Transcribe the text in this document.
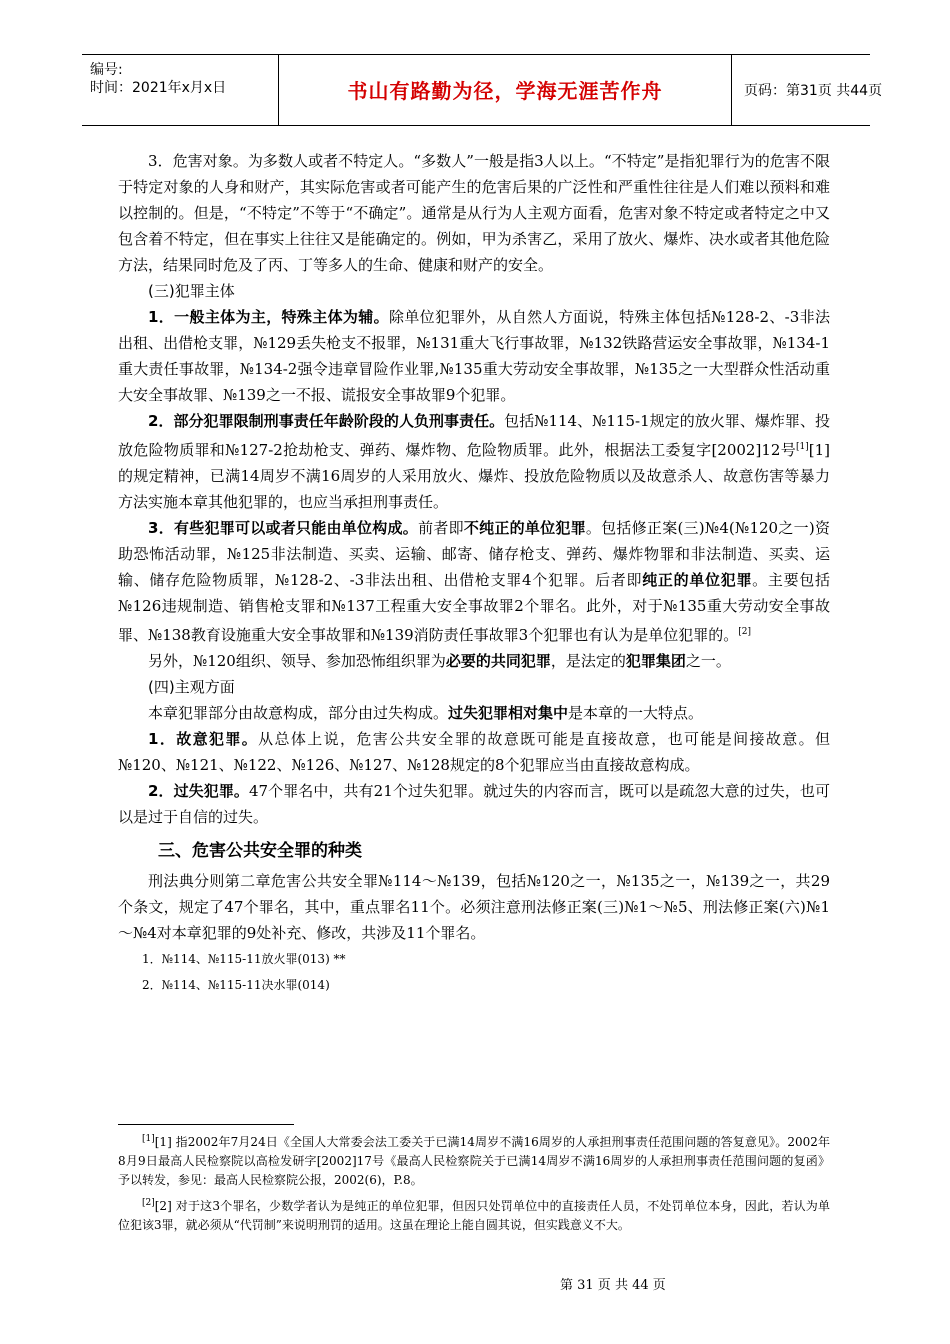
编号:
时间：2021年x月x日	书山有路勤为径，学海无涯苦作舟	页码：第31页 共44页

3．危害对象。为多数人或者不特定人。“多数人”一般是指3人以上。“不特定”是指犯罪行为的危害不限于特定对象的人身和财产，其实际危害或者可能产生的危害后果的广泛性和严重性往往是人们难以预料和难以控制的。但是，“不特定”不等于“不确定”。通常是从行为人主观方面看，危害对象不特定或者特定之中又包含着不特定，但在事实上往往又是能确定的。例如，甲为杀害乙，采用了放火、爆炸、决水或者其他危险方法，结果同时危及了丙、丁等多人的生命、健康和财产的安全。

(三)犯罪主体

1．一般主体为主，特殊主体为辅。除单位犯罪外，从自然人方面说，特殊主体包括№128-2、-3非法出租、出借枪支罪，№129丢失枪支不报罪，№131重大飞行事故罪，№132铁路营运安全事故罪，№134-1重大责任事故罪，№134-2强令违章冒险作业罪,№135重大劳动安全事故罪，№135之一大型群众性活动重大安全事故罪、№139之一不报、谎报安全事故罪9个犯罪。

2．部分犯罪限制刑事责任年龄阶段的人负刑事责任。包括№114、№115-1规定的放火罪、爆炸罪、投放危险物质罪和№127-2抢劫枪支、弹药、爆炸物、危险物质罪。此外，根据法工委复字[2002]12号[1][1]的规定精神，已满14周岁不满16周岁的人采用放火、爆炸、投放危险物质以及故意杀人、故意伤害等暴力方法实施本章其他犯罪的，也应当承担刑事责任。

3．有些犯罪可以或者只能由单位构成。前者即不纯正的单位犯罪。包括修正案(三)№4(№120之一)资助恐怖活动罪，№125非法制造、买卖、运输、邮寄、储存枪支、弹药、爆炸物罪和非法制造、买卖、运输、储存危险物质罪，№128-2、-3非法出租、出借枪支罪4个犯罪。后者即纯正的单位犯罪。主要包括№126违规制造、销售枪支罪和№137工程重大安全事故罪2个罪名。此外，对于№135重大劳动安全事故罪、№138教育设施重大安全事故罪和№139消防责任事故罪3个犯罪也有认为是单位犯罪的。[2]

另外，№120组织、领导、参加恐怖组织罪为必要的共同犯罪，是法定的犯罪集团之一。

(四)主观方面

本章犯罪部分由故意构成，部分由过失构成。过失犯罪相对集中是本章的一大特点。

1．故意犯罪。从总体上说，危害公共安全罪的故意既可能是直接故意，也可能是间接故意。但№120、№121、№122、№126、№127、№128规定的8个犯罪应当由直接故意构成。

2．过失犯罪。47个罪名中，共有21个过失犯罪。就过失的内容而言，既可以是疏忽大意的过失，也可以是过于自信的过失。

三、危害公共安全罪的种类

刑法典分则第二章危害公共安全罪№114～№139，包括№120之一，№135之一，№139之一，共29个条文，规定了47个罪名，其中，重点罪名11个。必须注意刑法修正案(三)№1～№5、刑法修正案(六)№1～№4对本章犯罪的9处补充、修改，共涉及11个罪名。

1．№114、№115-11放火罪(013) **

2．№114、№115-11决水罪(014)

[1][1] 指2002年7月24日《全国人大常委会法工委关于已满14周岁不满16周岁的人承担刑事责任范围问题的答复意见》。2002年8月9日最高人民检察院以高检发研字[2002]17号《最高人民检察院关于已满14周岁不满16周岁的人承担刑事责任范围问题的复函》予以转发，参见：最高人民检察院公报，2002(6)，P.8。

[2][2] 对于这3个罪名，少数学者认为是纯正的单位犯罪，但因只处罚单位中的直接责任人员，不处罚单位本身，因此，若认为单位犯该3罪，就必须从“代罚制”来说明刑罚的适用。这虽在理论上能自圆其说，但实践意义不大。

第 31 页 共 44 页
